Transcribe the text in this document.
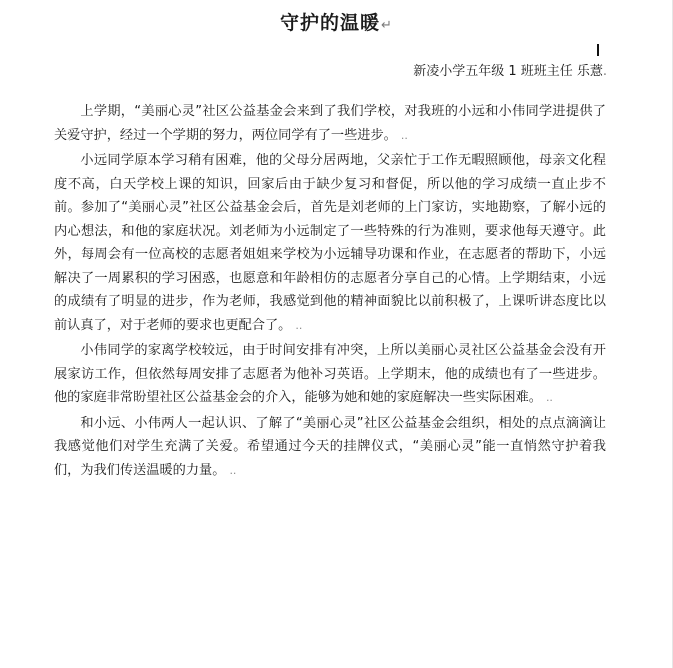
守护的温暖↵
新凌小学五年级 1 班班主任 乐薏.

上学期，“美丽心灵”社区公益基金会来到了我们学校，对我班的小远和小伟同学进提供了关爱守护，经过一个学期的努力，两位同学有了一些进步。 ..

小远同学原本学习稍有困难，他的父母分居两地，父亲忙于工作无暇照顾他，母亲文化程度不高，白天学校上课的知识，回家后由于缺少复习和督促，所以他的学习成绩一直止步不前。参加了“美丽心灵”社区公益基金会后，首先是刘老师的上门家访，实地勘察，了解小远的内心想法，和他的家庭状况。刘老师为小远制定了一些特殊的行为准则，要求他每天遵守。此外，每周会有一位高校的志愿者姐姐来学校为小远辅导功课和作业，在志愿者的帮助下，小远解决了一周累积的学习困惑，也愿意和年龄相仿的志愿者分享自己的心情。上学期结束，小远的成绩有了明显的进步，作为老师，我感觉到他的精神面貌比以前积极了，上课听讲态度比以前认真了，对于老师的要求也更配合了。 ..

小伟同学的家离学校较远，由于时间安排有冲突，上所以美丽心灵社区公益基金会没有开展家访工作，但依然每周安排了志愿者为他补习英语。上学期末，他的成绩也有了一些进步。他的家庭非常盼望社区公益基金会的介入，能够为她和她的家庭解决一些实际困难。 ..

和小远、小伟两人一起认识、了解了“美丽心灵”社区公益基金会组织，相处的点点滴滴让我感觉他们对学生充满了关爱。希望通过今天的挂牌仪式，“美丽心灵”能一直悄然守护着我们，为我们传送温暖的力量。 ..
